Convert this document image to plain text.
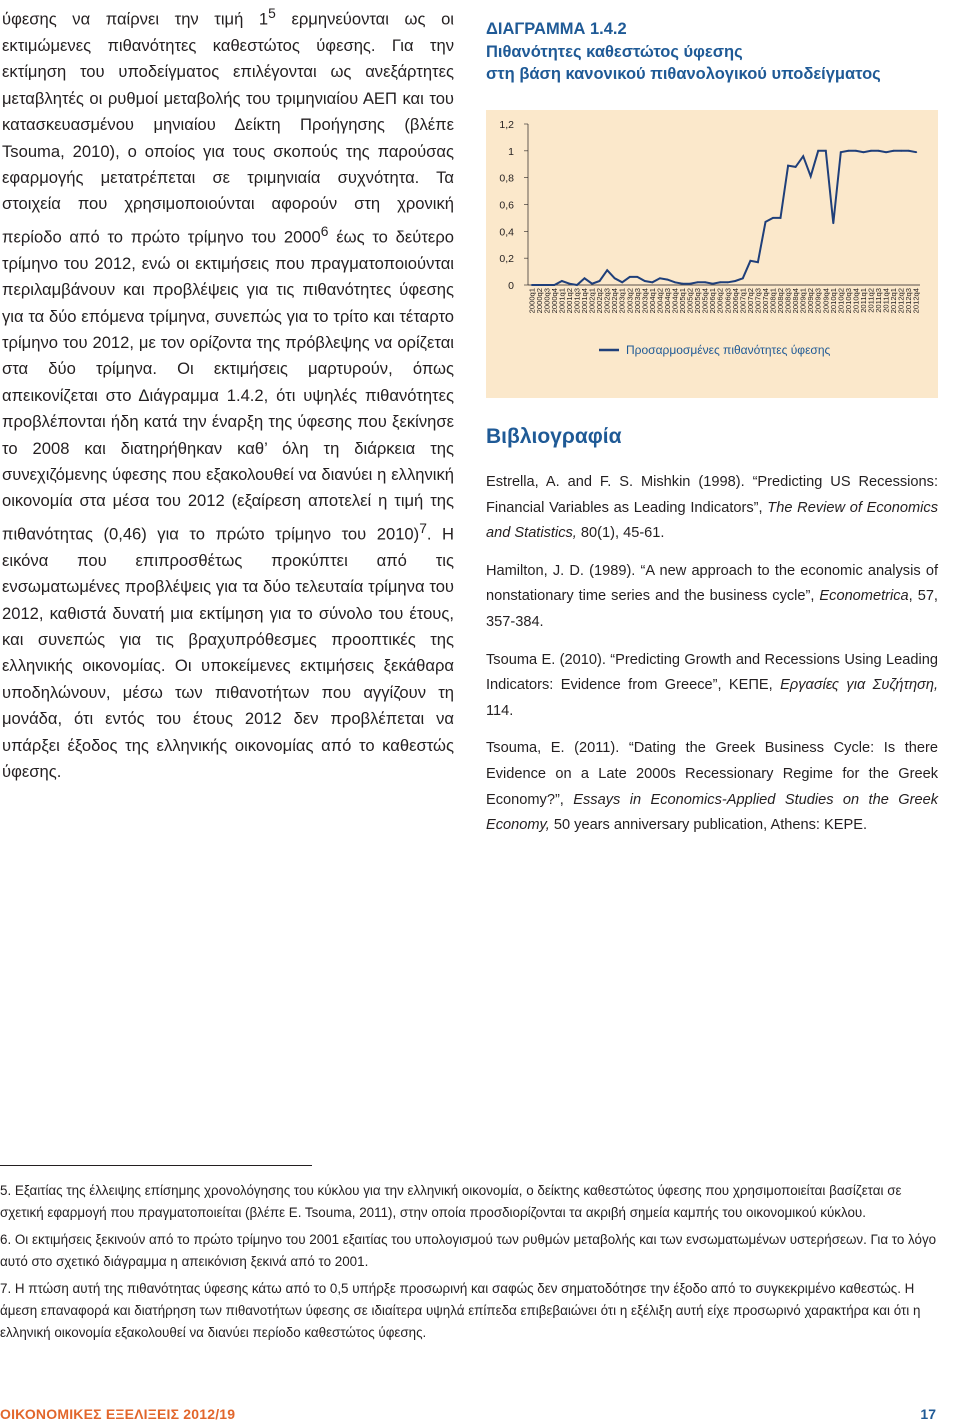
ύφεσης να παίρνει την τιμή $1^5$ ερμηνεύονται ως οι εκτιμώμενες πιθανότητες καθεστώτος ύφεσης. Για την εκτίμηση του υποδείγματος επιλέγονται ως ανεξάρτητες μεταβλητές οι ρυθμοί μεταβολής του τριμηνιαίου ΑΕΠ και του κατασκευασμένου μηνιαίου Δείκτη Προήγησης (βλέπε Tsouma, 2010), ο οποίος για τους σκοπούς της παρούσας εφαρμογής μετατρέπεται σε τριμηνιαία συχνότητα. Τα στοιχεία που χρησιμοποιούνται αφορούν στη χρονική περίοδο από το πρώτο τρίμηνο του 2000$^6$ έως το δεύτερο τρίμηνο του 2012, ενώ οι εκτιμήσεις που πραγματοποιούνται περιλαμβάνουν και προβλέψεις για τις πιθανότητες ύφεσης για τα δύο επόμενα τρίμηνα, συνεπώς για το τρίτο και τέταρτο τρίμηνο του 2012, με τον ορίζοντα της πρόβλεψης να ορίζεται στα δύο τρίμηνα. Οι εκτιμήσεις μαρτυρούν, όπως απεικονίζεται στο Διάγραμμα 1.4.2, ότι υψηλές πιθανότητες προβλέπονται ήδη κατά την έναρξη της ύφεσης που ξεκίνησε το 2008 και διατηρήθηκαν καθ’ όλη τη διάρκεια της συνεχιζόμενης ύφεσης που εξακολουθεί να διανύει η ελληνική οικονομία στα μέσα του 2012 (εξαίρεση αποτελεί η τιμή της πιθανότητας (0,46) για το πρώτο τρίμηνο του 2010)$^7$. Η εικόνα που επιπροσθέτως προκύπτει από τις ενσωματωμένες προβλέψεις για τα δύο τελευταία τρίμηνα του 2012, καθιστά δυνατή μια εκτίμηση για το σύνολο του έτους, και συνεπώς για τις βραχυπρόθεσμες προοπτικές της ελληνικής οικονομίας. Οι υποκείμενες εκτιμήσεις ξεκάθαρα υποδηλώνουν, μέσω των πιθανοτήτων που αγγίζουν τη μονάδα, ότι εντός του έτους 2012 δεν προβλέπεται να υπάρξει έξοδος της ελληνικής οικονομίας από το καθεστώς ύφεσης.

ΔΙΑΓΡΑΜΜΑ 1.4.2

Πιθανότητες καθεστώτος ύφεσης
στη βάση κανονικού πιθανολογικού υποδείγματος

1,2
1
0,8
0,6
0,4
0,2
0
2000q1
2000q2
2000q3
2000q4
2001q1
2001q2
2001q3
2001q4
2002q1
2002q2
2002q3
2002q4
2003q1
2003q2
2003q3
2003q4
2004q1
2004q2
2004q3
2004q4
2005q1
2005q2
2005q3
2005q4
2006q1
2006q2
2006q3
2006q4
2007q1
2007q2
2007q3
2007q4
2008q1
2008q2
2008q3
2008q4
2009q1
2009q2
2009q3
2009q4
2010q1
2010q2
2010q3
2010q4
2011q1
2011q2
2011q3
2011q4
2012q1
2012q2
2012q3
2012q4
Προσαρμοσμένες πιθανότητες ύφεσης
Βιβλιογραφία
Estrella, A. and F. S. Mishkin (1998). “Predicting US Recessions: Financial Variables as Leading Indicators”, The Review of Economics and Statistics, 80(1), 45-61.
Hamilton, J. D. (1989). “A new approach to the economic analysis of nonstationary time series and the business cycle”, Econometrica, 57, 357-384.
Tsouma E. (2010). “Predicting Growth and Recessions Using Leading Indicators: Evidence from Greece”, ΚΕΠΕ, Εργασίες για Συζήτηση, 114.
Tsouma, E. (2011). “Dating the Greek Business Cycle: Is there Evidence on a Late 2000s Recessionary Regime for the Greek Economy?”, Essays in Economics-Applied Studies on the Greek Economy, 50 years anniversary publication, Athens: KEPE.

5. Εξαιτίας της έλλειψης επίσημης χρονολόγησης του κύκλου για την ελληνική οικονομία, ο δείκτης καθεστώτος ύφεσης που χρησιμοποιείται βασίζεται σε σχετική εφαρμογή που πραγματοποιείται (βλέπε E. Tsouma, 2011), στην οποία προσδιορίζονται τα ακριβή σημεία καμπής του οικονομικού κύκλου.

6. Οι εκτιμήσεις ξεκινούν από το πρώτο τρίμηνο του 2001 εξαιτίας του υπολογισμού των ρυθμών μεταβολής και των ενσωματωμένων υστερήσεων. Για το λόγο αυτό στο σχετικό διάγραμμα η απεικόνιση ξεκινά από το 2001.

7. Η πτώση αυτή της πιθανότητας ύφεσης κάτω από το 0,5 υπήρξε προσωρινή και σαφώς δεν σηματοδότησε την έξοδο από το συγκεκριμένο καθεστώς. Η άμεση επαναφορά και διατήρηση των πιθανοτήτων ύφεσης σε ιδιαίτερα υψηλά επίπεδα επιβεβαιώνει ότι η εξέλιξη αυτή είχε προσωρινό χαρακτήρα και ότι η ελληνική οικονομία εξακολουθεί να διανύει περίοδο καθεστώτος ύφεσης.

ΟΙΚΟΝΟΜΙΚΕΣ ΕΞΕΛΙΞΕΙΣ 2012/19	17
